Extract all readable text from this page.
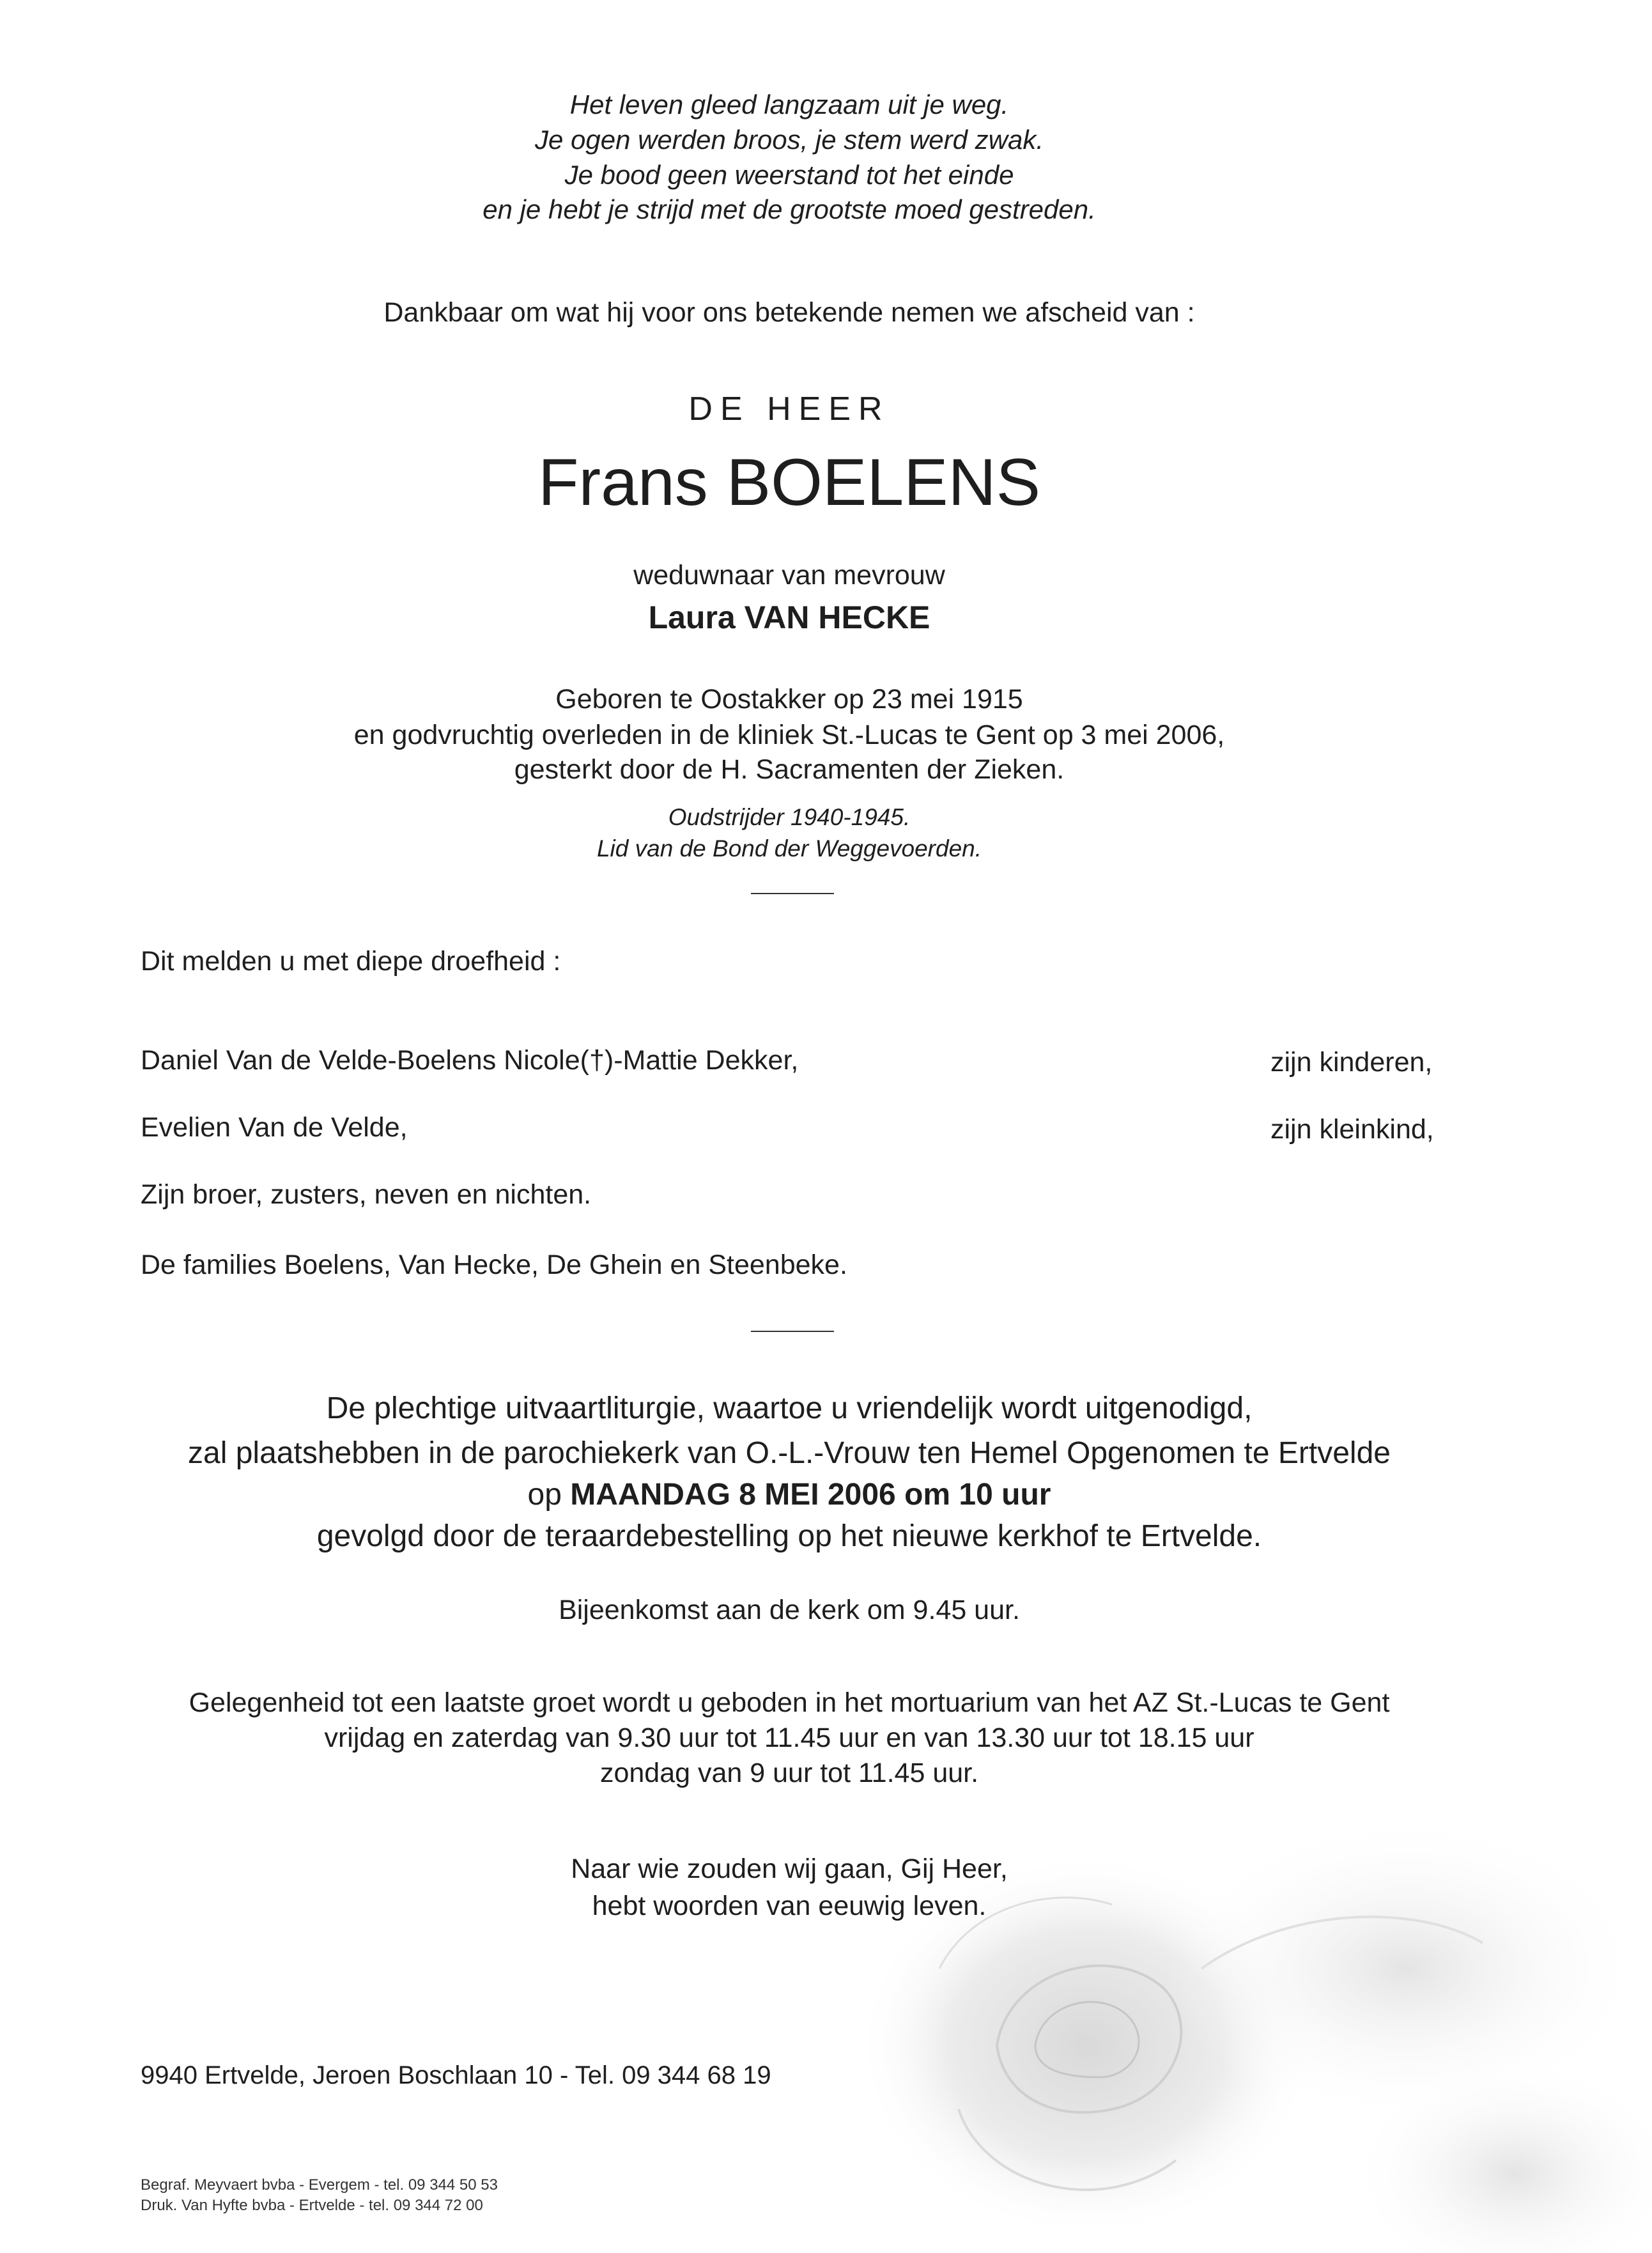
Het leven gleed langzaam uit je weg.
Je ogen werden broos, je stem werd zwak.
Je bood geen weerstand tot het einde
en je hebt je strijd met de grootste moed gestreden.
Dankbaar om wat hij voor ons betekende nemen we afscheid van :
DE HEER
Frans BOELENS
weduwnaar van mevrouw
Laura VAN HECKE
Geboren te Oostakker op 23 mei 1915
en godvruchtig overleden in de kliniek St.-Lucas te Gent op 3 mei 2006,
gesterkt door de H. Sacramenten der Zieken.
Oudstrijder 1940-1945.
Lid van de Bond der Weggevoerden.
Dit melden u met diepe droefheid :
Daniel Van de Velde-Boelens Nicole(†)-Mattie Dekker,	zijn kinderen,
Evelien Van de Velde,	zijn kleinkind,
Zijn broer, zusters, neven en nichten.
De families Boelens, Van Hecke, De Ghein en Steenbeke.
De plechtige uitvaartliturgie, waartoe u vriendelijk wordt uitgenodigd,
zal plaatshebben in de parochiekerk van O.-L.-Vrouw ten Hemel Opgenomen te Ertvelde
op MAANDAG 8 MEI 2006 om 10 uur
gevolgd door de teraardebestelling op het nieuwe kerkhof te Ertvelde.
Bijeenkomst aan de kerk om 9.45 uur.
Gelegenheid tot een laatste groet wordt u geboden in het mortuarium van het AZ St.-Lucas te Gent
vrijdag en zaterdag van 9.30 uur tot 11.45 uur en van 13.30 uur tot 18.15 uur
zondag van 9 uur tot 11.45 uur.
Naar wie zouden wij gaan, Gij Heer,
hebt woorden van eeuwig leven.
9940 Ertvelde, Jeroen Boschlaan 10 - Tel. 09 344 68 19
Begraf. Meyvaert bvba - Evergem - tel. 09 344 50 53
Druk. Van Hyfte bvba - Ertvelde - tel. 09 344 72 00
